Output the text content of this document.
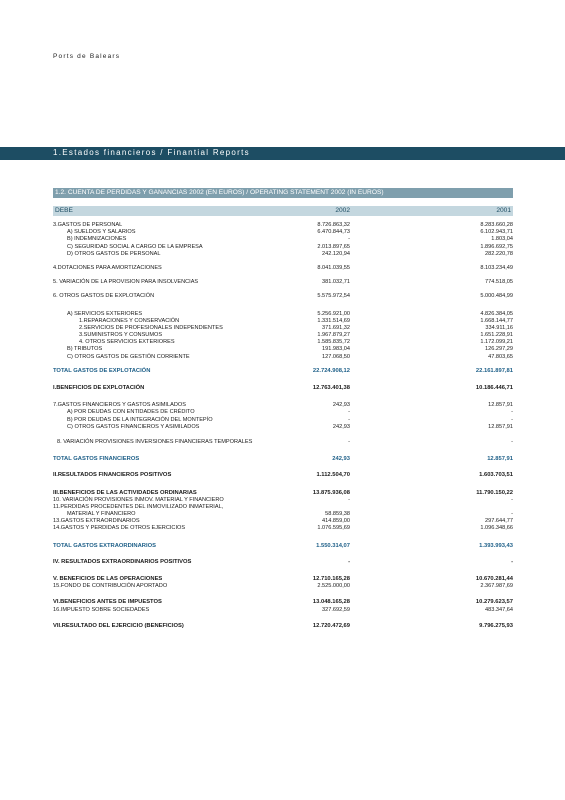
Ports de Balears
1.Estados financieros / Finantial Reports
1.2. CUENTA DE PERDIDAS Y GANANCIAS 2002 (EN EUROS) / OPERATING STATEMENT 2002 (IN EUROS)
DEBE	2002	2001
3.GASTOS DE PERSONAL	8.726.863,32	8.283.660,28
A) SUELDOS Y SALARIOS	6.470.844,73	6.102.943,71
B) INDEMNIZACIONES	-	1.803,04
C) SEGURIDAD SOCIAL A CARGO DE LA EMPRESA	2.013.897,65	1.896.692,75
D) OTROS GASTOS DE PERSONAL	242.120,94	282.220,78
4.DOTACIONES PARA AMORTIZACIONES	8.041.039,55	8.103.234,49
5. VARIACIÓN DE LA PROVISION PARA INSOLVENCIAS	381.032,71	774.518,05
6. OTROS GASTOS DE EXPLOTACIÓN	5.575.972,54	5.000.484,99
A) SERVICIOS EXTERIORES	5.256.921,00	4.826.384,05
1.REPARACIONES Y CONSERVACIÓN	1.331.514,69	1.668.144,77
2.SERVICIOS DE PROFESIONALES INDEPENDIENTES	371.691,32	334.911,16
3.SUMINISTROS Y CONSUMOS	1.967.879,27	1.651.228,91
4. OTROS SERVICIOS EXTERIORES	1.585.835,72	1.172.099,21
B) TRIBUTOS	191.983,04	126.297,29
C) OTROS GASTOS DE GESTIÓN CORRIENTE	127.068,50	47.803,65
TOTAL GASTOS DE EXPLOTACIÓN	22.724.908,12	22.161.897,81
I.BENEFICIOS DE EXPLOTACIÓN	12.763.401,38	10.186.446,71
7.GASTOS FINANCIEROS Y GASTOS ASIMILADOS	242,93	12.857,91
A) POR DEUDAS CON ENTIDADES DE CRÉDITO	-	-
B) POR DEUDAS DE LA INTEGRACIÓN DEL MONTEPÍO	-	-
C) OTROS GASTOS FINANCIEROS Y ASIMILADOS	242,93	12.857,91
8. VARIACIÓN PROVISIONES INVERSIONES FINANCIERAS TEMPORALES	-	-
TOTAL GASTOS FINANCIEROS	242,93	12.857,91
II.RESULTADOS FINANCIEROS POSITIVOS	1.112.504,70	1.603.703,51
III.BENEFICIOS DE LAS ACTIVIDADES ORDINARIAS	13.875.936,08	11.790.150,22
10. VARIACIÓN PROVISIONES INMOV. MATERIAL Y FINANCIERO	-	-
11.PERDIDAS PROCEDENTES DEL INMOVILIZADO INMATERIAL,
MATERIAL Y FINANCIERO	58.859,38	-
13.GASTOS EXTRAORDINARIOS	414.859,00	297.644,77
14.GASTOS Y PERDIDAS DE OTROS EJERCICIOS	1.076.595,69	1.096.348,66
TOTAL GASTOS EXTRAORDINARIOS	1.550.314,07	1.393.993,43
IV. RESULTADOS EXTRAORDINARIOS POSITIVOS	-	-
V. BENEFICIOS DE LAS OPERACIONES	12.710.165,28	10.670.281,44
15.FONDO DE CONTRIBUCIÓN APORTADO	2.525.000,00	2.367.987,69
VI.BENEFICIOS ANTES DE IMPUESTOS	13.048.165,28	10.279.623,57
16.IMPUESTO SOBRE SOCIEDADES	327.692,59	483.347,64
VII.RESULTADO DEL EJERCICIO (BENEFICIOS)	12.720.472,69	9.796.275,93
